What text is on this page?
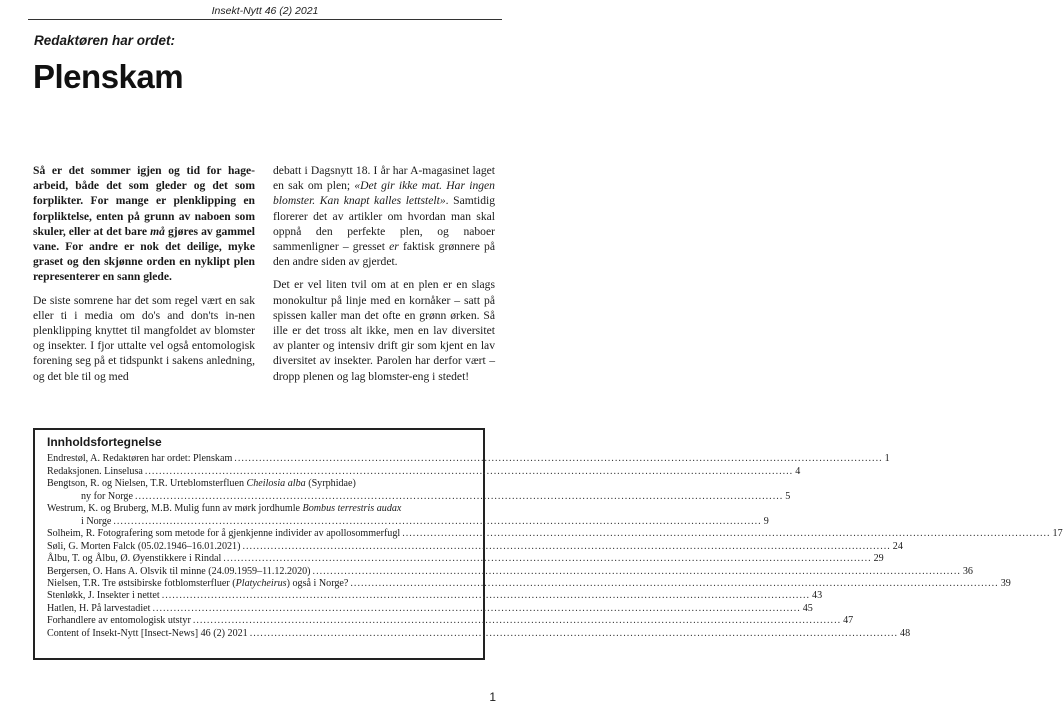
Insekt-Nytt 46 (2) 2021
Redaktøren har ordet:
Plenskam

Så er det sommer igjen og tid for hage-arbeid, både det som gleder og det som forplikter. For mange er plenklipping en forpliktelse, enten på grunn av naboen som skuler, eller at det bare må gjøres av gammel vane. For andre er nok det deilige, myke graset og den skjønne orden en nyklipt plen representerer en sann glede.

De siste somrene har det som regel vært en sak eller ti i media om do's and don'ts in-nen plenklipping knyttet til mangfoldet av blomster og insekter. I fjor uttalte vel også entomologisk forening seg på et tidspunkt i sakens anledning, og det ble til og med

debatt i Dagsnytt 18. I år har A-magasinet laget en sak om plen; «Det gir ikke mat. Har ingen blomster. Kan knapt kalles lettstelt». Samtidig florerer det av artikler om hvordan man skal oppnå den perfekte plen, og naboer sammenligner – gresset er faktisk grønnere på den andre siden av gjerdet.

Det er vel liten tvil om at en plen er en slags monokultur på linje med en kornåker – satt på spissen kaller man det ofte en grønn ørken. Så ille er det tross alt ikke, men en lav diversitet av planter og intensiv drift gir som kjent en lav diversitet av insekter. Parolen har derfor vært – dropp plenen og lag blomster-eng i stedet!

Innholdsfortegnelse
Endrestøl, A. Redaktøren har ordet: Plenskam .....	1
Redaksjonen. Linselusa .....	4
Bengtson, R. og Nielsen, T.R. Urteblomsterfluen Cheilosia alba (Syrphidae)
ny for Norge .....	5
Westrum, K. og Bruberg, M.B. Mulig funn av mørk jordhumle Bombus terrestris audax
i Norge .....	9
Solheim, R. Fotografering som metode for å gjenkjenne individer av apollosommerfugl .....	17
Søli, G. Morten Falck (05.02.1946–16.01.2021) .....	24
Ålbu, T. og Ålbu, Ø. Øyenstikkere i Rindal .....	29
Bergersen, O. Hans A. Olsvik til minne (24.09.1959–11.12.2020) .....	36
Nielsen, T.R. Tre østsibirske fotblomsterfluer (Platycheirus) også i Norge? .....	39
Stenløkk, J. Insekter i nettet .....	43
Hatlen, H. På larvestadiet .....	45
Forhandlere av entomologisk utstyr .....	47
Content of Insekt-Nytt [Insect-News] 46 (2) 2021 .....	48
1
